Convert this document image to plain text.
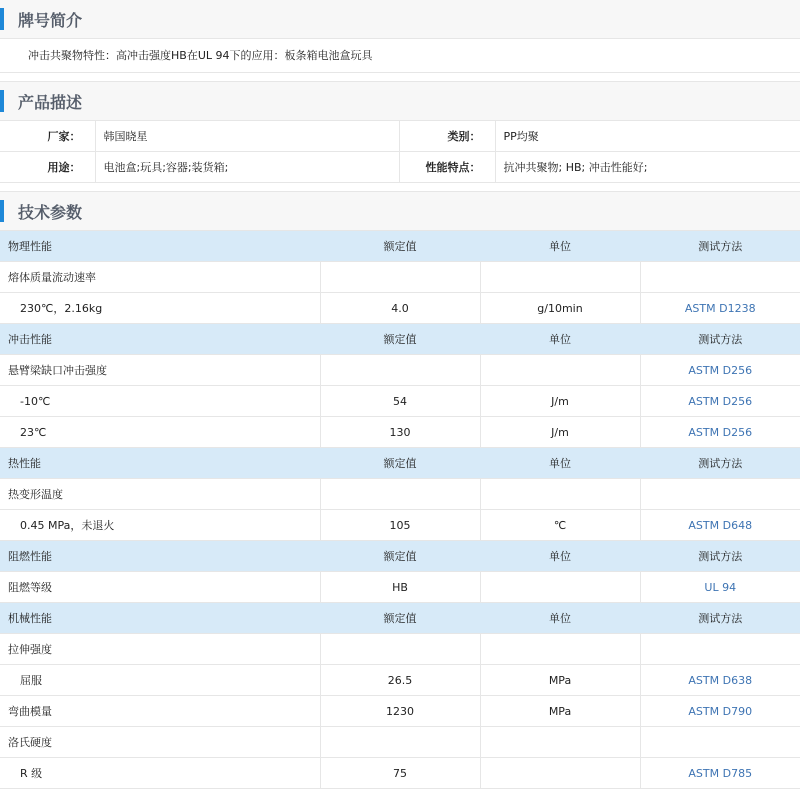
牌号简介
冲击共聚物特性：高冲击强度HB在UL 94下的应用：板条箱电池盒玩具
产品描述
厂家：	韩国晓星	类别：	PP均聚
用途：	电池盒;玩具;容器;装货箱;	性能特点：	抗冲共聚物; HB; 冲击性能好;
技术参数
物理性能	额定值	单位	测试方法
熔体质量流动速率			
230℃，2.16kg	4.0	g/10min	ASTM D1238
冲击性能	额定值	单位	测试方法
悬臂梁缺口冲击强度			ASTM D256
-10℃	54	J/m	ASTM D256
23℃	130	J/m	ASTM D256
热性能	额定值	单位	测试方法
热变形温度			
0.45 MPa，未退火	105	℃	ASTM D648
阻燃性能	额定值	单位	测试方法
阻燃等级	HB		UL 94
机械性能	额定值	单位	测试方法
拉伸强度			
屈服	26.5	MPa	ASTM D638
弯曲模量	1230	MPa	ASTM D790
洛氏硬度			
R 级	75		ASTM D785
